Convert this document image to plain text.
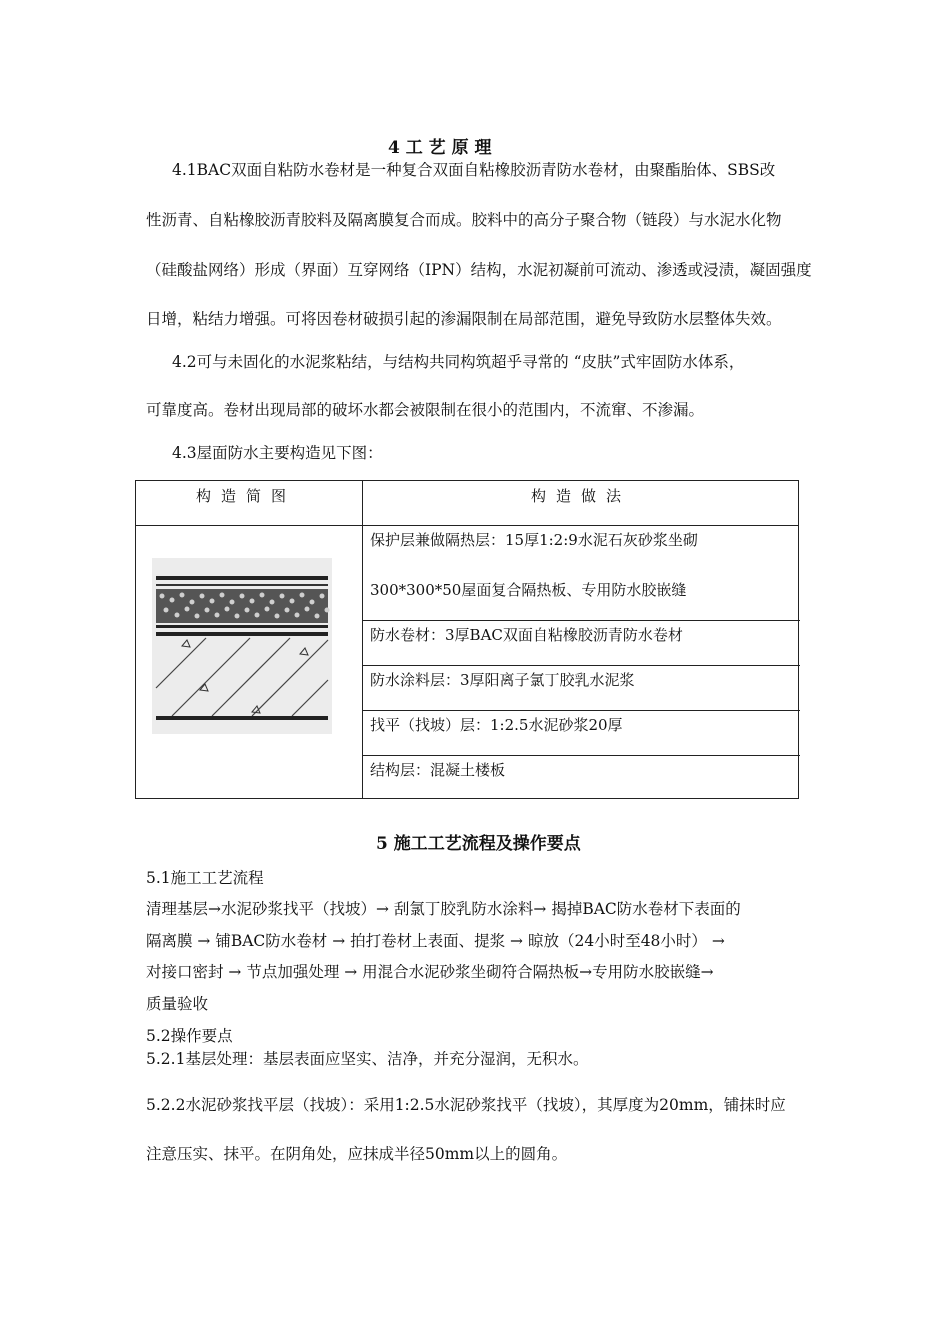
4 工 艺 原 理
4.1BAC双面自粘防水卷材是一种复合双面自粘橡胶沥青防水卷材，由聚酯胎体、SBS改
性沥青、自粘橡胶沥青胶料及隔离膜复合而成。胶料中的高分子聚合物（链段）与水泥水化物
（硅酸盐网络）形成（界面）互穿网络（IPN）结构，水泥初凝前可流动、渗透或浸渍，凝固强度
日增，粘结力增强。可将因卷材破损引起的渗漏限制在局部范围，避免导致防水层整体失效。
4.2可与未固化的水泥浆粘结，与结构共同构筑超乎寻常的 “皮肤”式牢固防水体系，
可靠度高。卷材出现局部的破坏水都会被限制在很小的范围内，不流窜、不渗漏。
4.3屋面防水主要构造见下图：
构造简图	构造做法
保护层兼做隔热层：15厚1:2:9水泥石灰砂浆坐砌
300*300*50屋面复合隔热板、专用防水胶嵌缝
防水卷材：3厚BAC双面自粘橡胶沥青防水卷材
防水涂料层：3厚阳离子氯丁胶乳水泥浆
找平（找坡）层：1:2.5水泥砂浆20厚
结构层：混凝土楼板
5 施工工艺流程及操作要点
5.1施工工艺流程
清理基层→水泥砂浆找平（找坡）→ 刮氯丁胶乳防水涂料→ 揭掉BAC防水卷材下表面的
隔离膜 → 铺BAC防水卷材 → 拍打卷材上表面、提浆 → 晾放（24小时至48小时） →
对接口密封 → 节点加强处理 → 用混合水泥砂浆坐砌符合隔热板→专用防水胶嵌缝→
质量验收
5.2操作要点
5.2.1基层处理：基层表面应坚实、洁净，并充分湿润，无积水。
5.2.2水泥砂浆找平层（找坡）：采用1:2.5水泥砂浆找平（找坡），其厚度为20mm，铺抹时应
注意压实、抹平。在阴角处，应抹成半径50mm以上的圆角。
